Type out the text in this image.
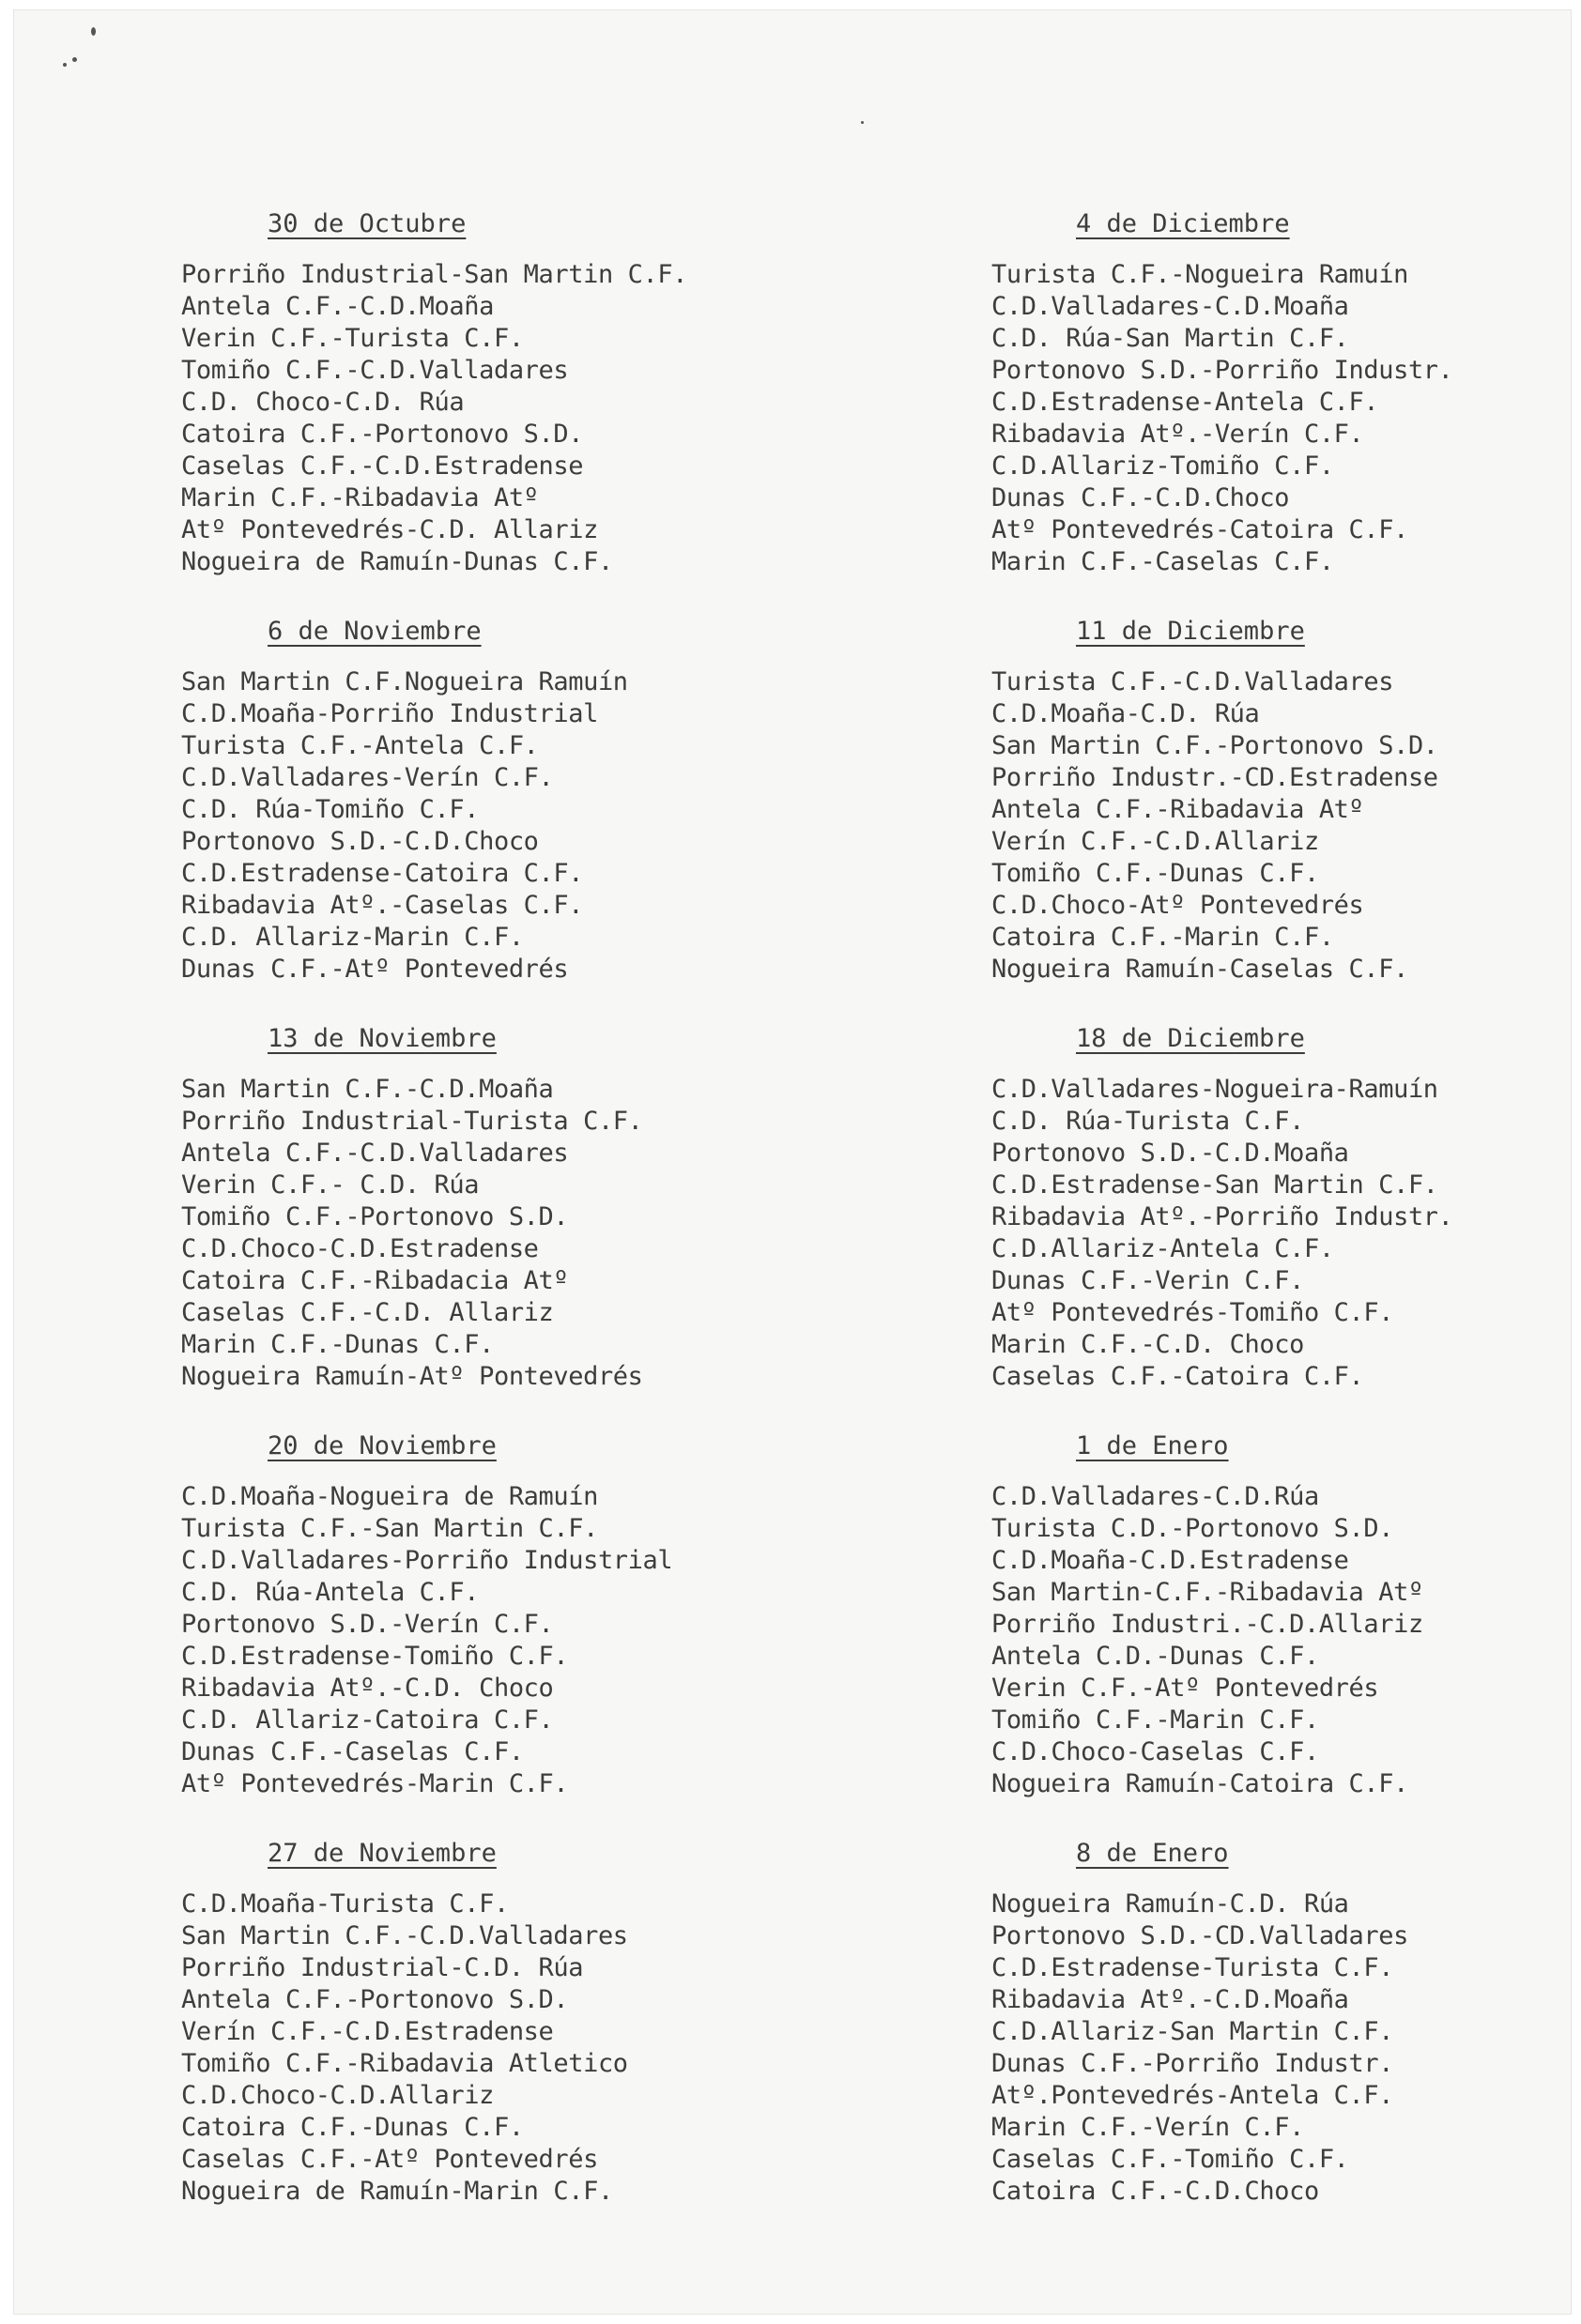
30 de Octubre
Porriño Industrial-San Martin C.F.
Antela C.F.-C.D.Moaña
Verin C.F.-Turista C.F.
Tomiño C.F.-C.D.Valladares
C.D. Choco-C.D. Rúa
Catoira C.F.-Portonovo S.D.
Caselas C.F.-C.D.Estradense
Marin C.F.-Ribadavia Atº
Atº Pontevedrés-C.D. Allariz
Nogueira de Ramuín-Dunas C.F.
6 de Noviembre
San Martin C.F.Nogueira Ramuín
C.D.Moaña-Porriño Industrial
Turista C.F.-Antela C.F.
C.D.Valladares-Verín C.F.
C.D. Rúa-Tomiño C.F.
Portonovo S.D.-C.D.Choco
C.D.Estradense-Catoira C.F.
Ribadavia Atº.-Caselas C.F.
C.D. Allariz-Marin C.F.
Dunas C.F.-Atº Pontevedrés
13 de Noviembre
San Martin C.F.-C.D.Moaña
Porriño Industrial-Turista C.F.
Antela C.F.-C.D.Valladares
Verin C.F.- C.D. Rúa
Tomiño C.F.-Portonovo S.D.
C.D.Choco-C.D.Estradense
Catoira C.F.-Ribadacia Atº
Caselas C.F.-C.D. Allariz
Marin C.F.-Dunas C.F.
Nogueira Ramuín-Atº Pontevedrés
20 de Noviembre
C.D.Moaña-Nogueira de Ramuín
Turista C.F.-San Martin C.F.
C.D.Valladares-Porriño Industrial
C.D. Rúa-Antela C.F.
Portonovo S.D.-Verín C.F.
C.D.Estradense-Tomiño C.F.
Ribadavia Atº.-C.D. Choco
C.D. Allariz-Catoira C.F.
Dunas C.F.-Caselas C.F.
Atº Pontevedrés-Marin C.F.
27 de Noviembre
C.D.Moaña-Turista C.F.
San Martin C.F.-C.D.Valladares
Porriño Industrial-C.D. Rúa
Antela C.F.-Portonovo S.D.
Verín C.F.-C.D.Estradense
Tomiño C.F.-Ribadavia Atletico
C.D.Choco-C.D.Allariz
Catoira C.F.-Dunas C.F.
Caselas C.F.-Atº Pontevedrés
Nogueira de Ramuín-Marin C.F.
4 de Diciembre
Turista C.F.-Nogueira Ramuín
C.D.Valladares-C.D.Moaña
C.D. Rúa-San Martin C.F.
Portonovo S.D.-Porriño Industr.
C.D.Estradense-Antela C.F.
Ribadavia Atº.-Verín C.F.
C.D.Allariz-Tomiño C.F.
Dunas C.F.-C.D.Choco
Atº Pontevedrés-Catoira C.F.
Marin C.F.-Caselas C.F.
11 de Diciembre
Turista C.F.-C.D.Valladares
C.D.Moaña-C.D. Rúa
San Martin C.F.-Portonovo S.D.
Porriño Industr.-CD.Estradense
Antela C.F.-Ribadavia Atº
Verín C.F.-C.D.Allariz
Tomiño C.F.-Dunas C.F.
C.D.Choco-Atº Pontevedrés
Catoira C.F.-Marin C.F.
Nogueira Ramuín-Caselas C.F.
18 de Diciembre
C.D.Valladares-Nogueira-Ramuín
C.D. Rúa-Turista C.F.
Portonovo S.D.-C.D.Moaña
C.D.Estradense-San Martin C.F.
Ribadavia Atº.-Porriño Industr.
C.D.Allariz-Antela C.F.
Dunas C.F.-Verin C.F.
Atº Pontevedrés-Tomiño C.F.
Marin C.F.-C.D. Choco
Caselas C.F.-Catoira C.F.
1 de Enero
C.D.Valladares-C.D.Rúa
Turista C.D.-Portonovo S.D.
C.D.Moaña-C.D.Estradense
San Martin-C.F.-Ribadavia Atº
Porriño Industri.-C.D.Allariz
Antela C.D.-Dunas C.F.
Verin C.F.-Atº Pontevedrés
Tomiño C.F.-Marin C.F.
C.D.Choco-Caselas C.F.
Nogueira Ramuín-Catoira C.F.
8 de Enero
Nogueira Ramuín-C.D. Rúa
Portonovo S.D.-CD.Valladares
C.D.Estradense-Turista C.F.
Ribadavia Atº.-C.D.Moaña
C.D.Allariz-San Martin C.F.
Dunas C.F.-Porriño Industr.
Atº.Pontevedrés-Antela C.F.
Marin C.F.-Verín C.F.
Caselas C.F.-Tomiño C.F.
Catoira C.F.-C.D.Choco
